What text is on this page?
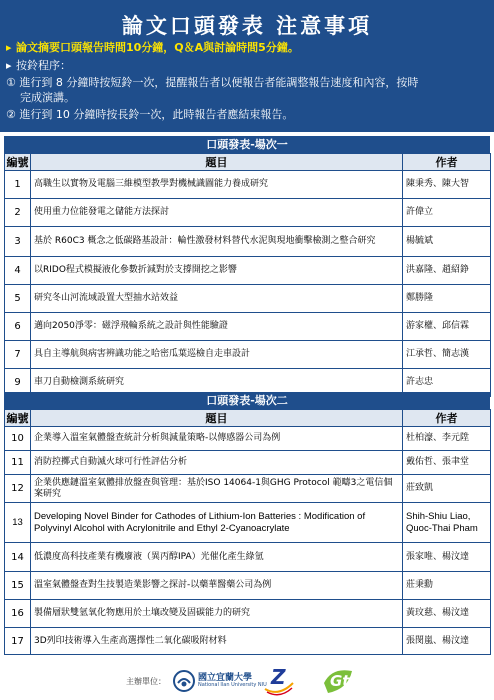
論文口頭發表 注意事項
▸ 論文摘要口頭報告時間10分鐘，Q＆A與討論時間5分鐘。
▸ 按鈴程序：
① 進行到 8 分鐘時按短鈴一次，提醒報告者以便報告者能調整報告速度和內容，按時
完成演講。
② 進行到 10 分鐘時按長鈴一次，此時報告者應結束報告。
口頭發表-場次一
編號	題目	作者
1	高職生以實物及電腦三維模型教學對機械識圖能力養成研究	陳秉秀、陳大智
2	使用重力位能發電之儲能方法探討	許偉立
3	基於 R60C3 概念之低碳路基設計：輪性激發材料替代水泥與現地衝擊檢測之整合研究	楊毓斌
4	以RIDO程式模擬液化參數折減對於支撐開挖之影響	洪嘉隆、趙紹錚
5	研究冬山河流域設置大型抽水站效益	鄭勝隆
6	邁向2050淨零：磁浮飛輪系統之設計與性能驗證	游家權、邱信霖
7	具自主導航與病害辨識功能之哈密瓜葉巡檢自走車設計	江承哲、簡志漢
9	車刀自動檢測系統研究	許志忠
口頭發表-場次二
編號	題目	作者
10	企業導入溫室氣體盤查統計分析與減量策略-以傳感器公司為例	杜柏濠、李元陞
11	消防控擲式自動滅火球可行性評估分析	戴佑哲、張聿堂
12	企業供應鏈溫室氣體排放盤查與管理：基於ISO 14064-1與GHG Protocol 範疇3之電信個案研究	莊致凱
13	Developing Novel Binder for Cathodes of Lithium-Ion Batteries : Modification of Polyvinyl Alcohol with Acrylonitrile and Ethyl 2-Cyanoacrylate	Shih-Shiu Liao, Quoc-Thai Pham
14	低濃度高科技產業有機廢液（異丙醇IPA）光催化產生綠氫	張家唯、楊汶達
15	溫室氣體盤查對生技製造業影響之探討-以藥華醫藥公司為例	莊秉勳
16	製備層狀雙氫氧化物應用於土壤改變及固碳能力的研究	黃玟慈、楊汶達
17	3D列印技術導入生產高選擇性二氧化碳吸附材料	張閔嵐、楊汶達
主辦單位：	國立宜蘭大學
National Ilan University NIU Z	Gt
